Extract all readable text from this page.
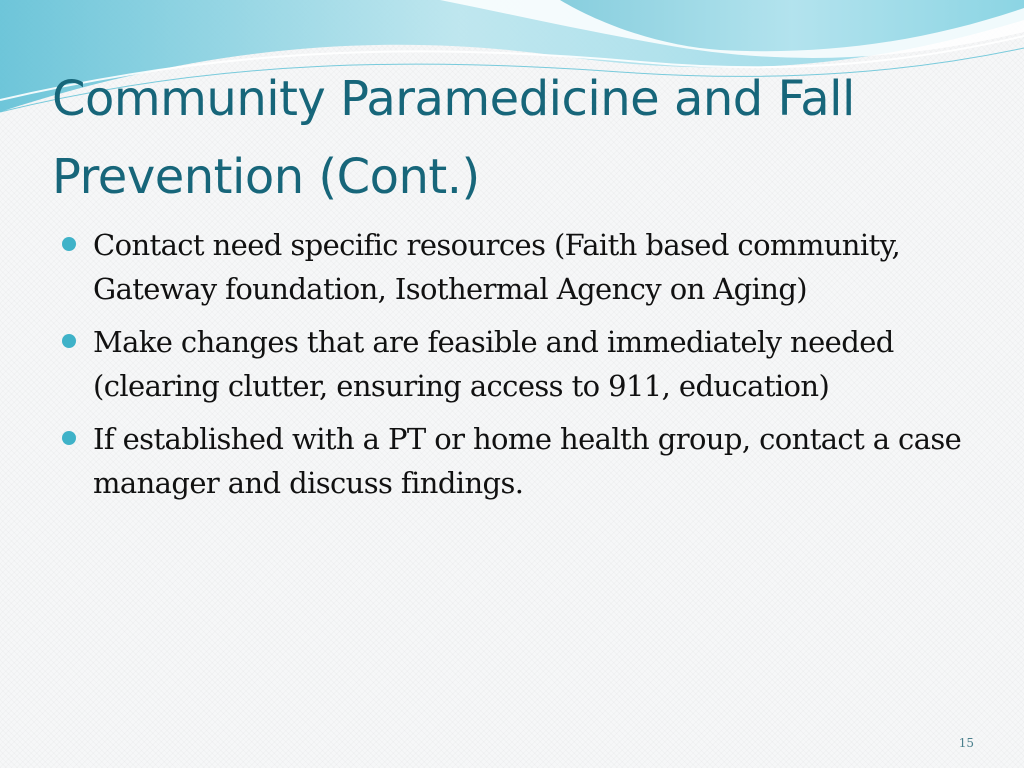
Community Paramedicine and Fall Prevention (Cont.)
Contact need specific resources (Faith based community, Gateway foundation, Isothermal Agency on Aging)
Make changes that are feasible and immediately needed (clearing clutter, ensuring access to 911, education)
If established with a PT or home health group, contact a case manager and discuss findings.
15
